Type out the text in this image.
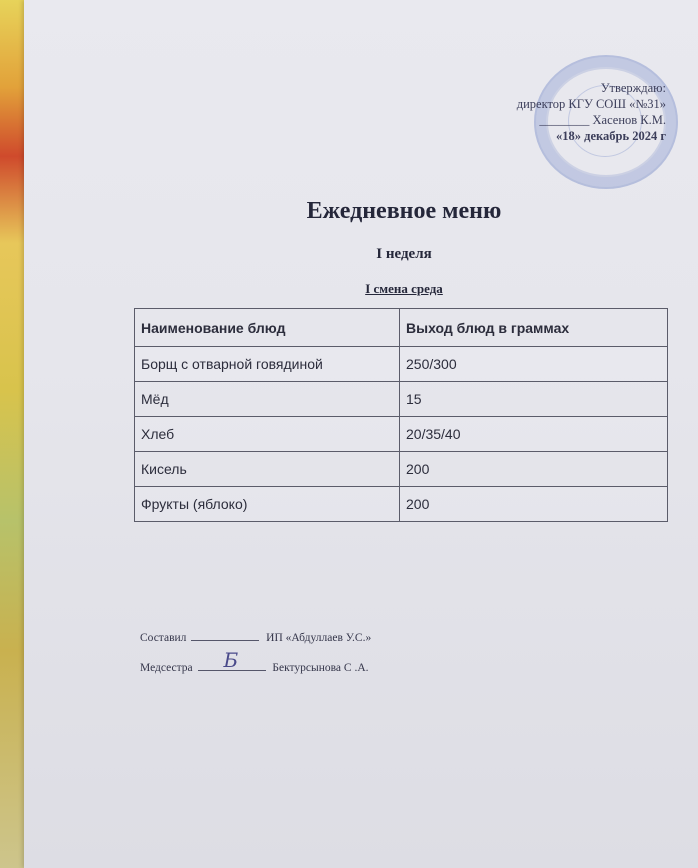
Утверждаю:
директор КГУ СОШ «№31»
________ Хасенов К.М.
«18» декабрь 2024 г
Ежедневное меню
I неделя
I смена среда
Наименование блюд	Выход блюд в граммах
Борщ с отварной говядиной	250/300
Мёд	15
Хлеб	20/35/40
Кисель	200
Фрукты (яблоко)	200
Составил	ИП «Абдуллаев У.С.»
Медсестра Б	Бектурсынова С .А.
